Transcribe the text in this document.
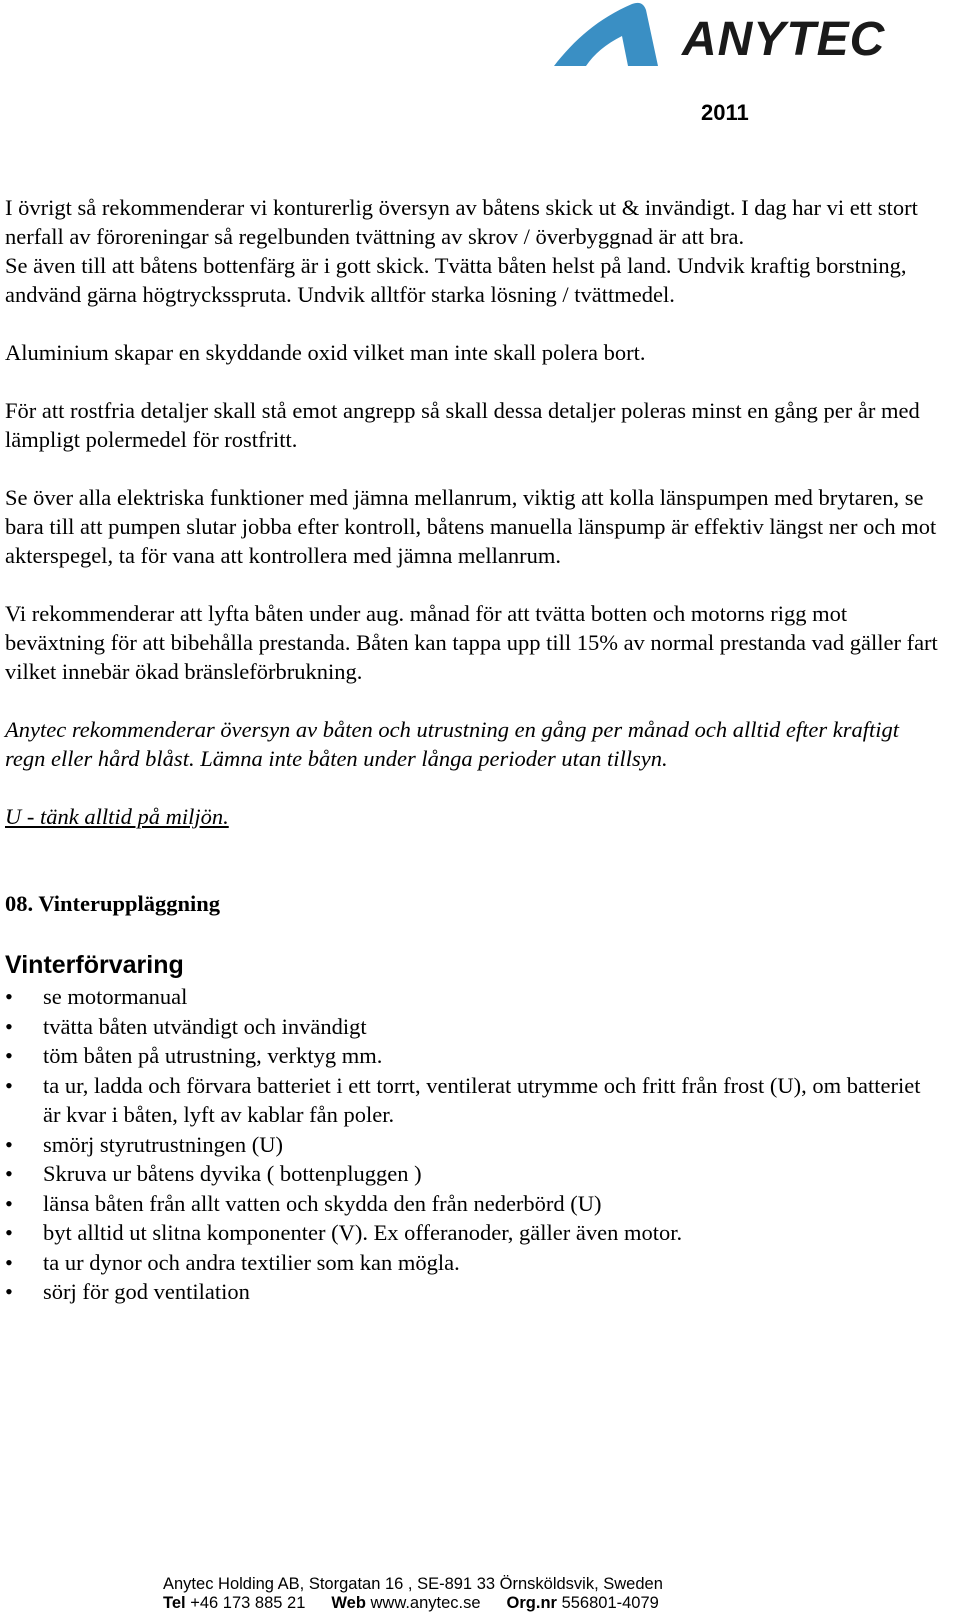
ANYTEC
2011

I övrigt så rekommenderar vi konturerlig översyn av båtens skick ut & invändigt. I dag har vi ett stort nerfall av föroreningar så regelbunden tvättning av skrov / överbyggnad är att bra.

Se även till att båtens bottenfärg är i gott skick. Tvätta båten helst på land. Undvik kraftig borstning, andvänd gärna högtrycksspruta. Undvik alltför starka lösning / tvättmedel.

Aluminium skapar en skyddande oxid vilket man inte skall polera bort.

För att rostfria detaljer skall stå emot angrepp så skall dessa detaljer poleras minst en gång per år med lämpligt polermedel för rostfritt.

Se över alla elektriska funktioner med jämna mellanrum, viktig att kolla länspumpen med brytaren, se bara till att pumpen slutar jobba efter kontroll, båtens manuella länspump är effektiv längst ner och mot akterspegel, ta för vana att kontrollera med jämna mellanrum.

Vi rekommenderar att lyfta båten under aug. månad för att tvätta botten och motorns rigg mot beväxtning för att bibehålla prestanda. Båten kan tappa upp till 15% av normal prestanda vad gäller fart vilket innebär ökad bränsleförbrukning.

Anytec rekommenderar översyn av båten och utrustning en gång per månad och alltid efter kraftigt regn eller hård blåst. Lämna inte båten under långa perioder utan tillsyn.

U - tänk alltid på miljön.

08. Vinteruppläggning

Vinterförvaring
• se motormanual
• tvätta båten utvändigt och invändigt
• töm båten på utrustning, verktyg mm.
• ta ur, ladda och förvara batteriet i ett torrt, ventilerat utrymme och fritt från frost (U), om batteriet är kvar i båten, lyft av kablar fån poler.
• smörj styrutrustningen (U)
• Skruva ur båtens dyvika ( bottenpluggen )
• länsa båten från allt vatten och skydda den från nederbörd (U)
• byt alltid ut slitna komponenter (V). Ex offeranoder, gäller även motor.
• ta ur dynor och andra textilier som kan mögla.
• sörj för god ventilation
Anytec Holding AB, Storgatan 16 , SE-891 33 Örnsköldsvik, Sweden
Tel +46 173 885 21 Web www.anytec.se Org.nr 556801-4079
